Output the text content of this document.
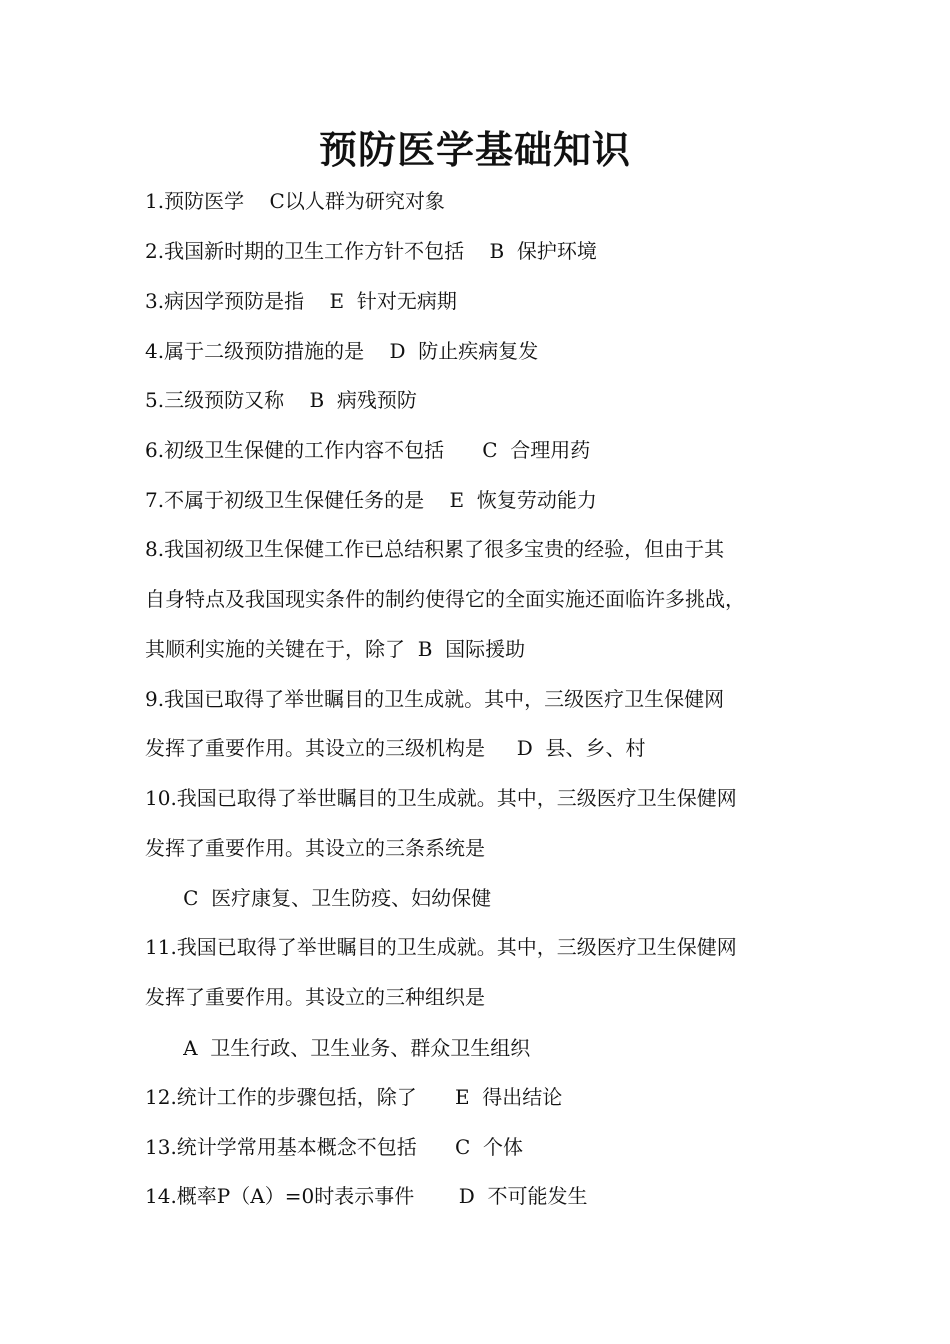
预防医学基础知识
1.预防医学    C以人群为研究对象
2.我国新时期的卫生工作方针不包括    B  保护环境
3.病因学预防是指    E  针对无病期
4.属于二级预防措施的是    D  防止疾病复发
5.三级预防又称    B  病残预防
6.初级卫生保健的工作内容不包括      C  合理用药
7.不属于初级卫生保健任务的是    E  恢复劳动能力
8.我国初级卫生保健工作已总结积累了很多宝贵的经验，但由于其
自身特点及我国现实条件的制约使得它的全面实施还面临许多挑战，
其顺利实施的关键在于，除了  B  国际援助
9.我国已取得了举世瞩目的卫生成就。其中，三级医疗卫生保健网
发挥了重要作用。其设立的三级机构是     D  县、乡、村
10.我国已取得了举世瞩目的卫生成就。其中，三级医疗卫生保健网
发挥了重要作用。其设立的三条系统是
C  医疗康复、卫生防疫、妇幼保健
11.我国已取得了举世瞩目的卫生成就。其中，三级医疗卫生保健网
发挥了重要作用。其设立的三种组织是
A  卫生行政、卫生业务、群众卫生组织
12.统计工作的步骤包括，除了      E  得出结论
13.统计学常用基本概念不包括      C  个体
14.概率P（A）=0时表示事件       D  不可能发生
